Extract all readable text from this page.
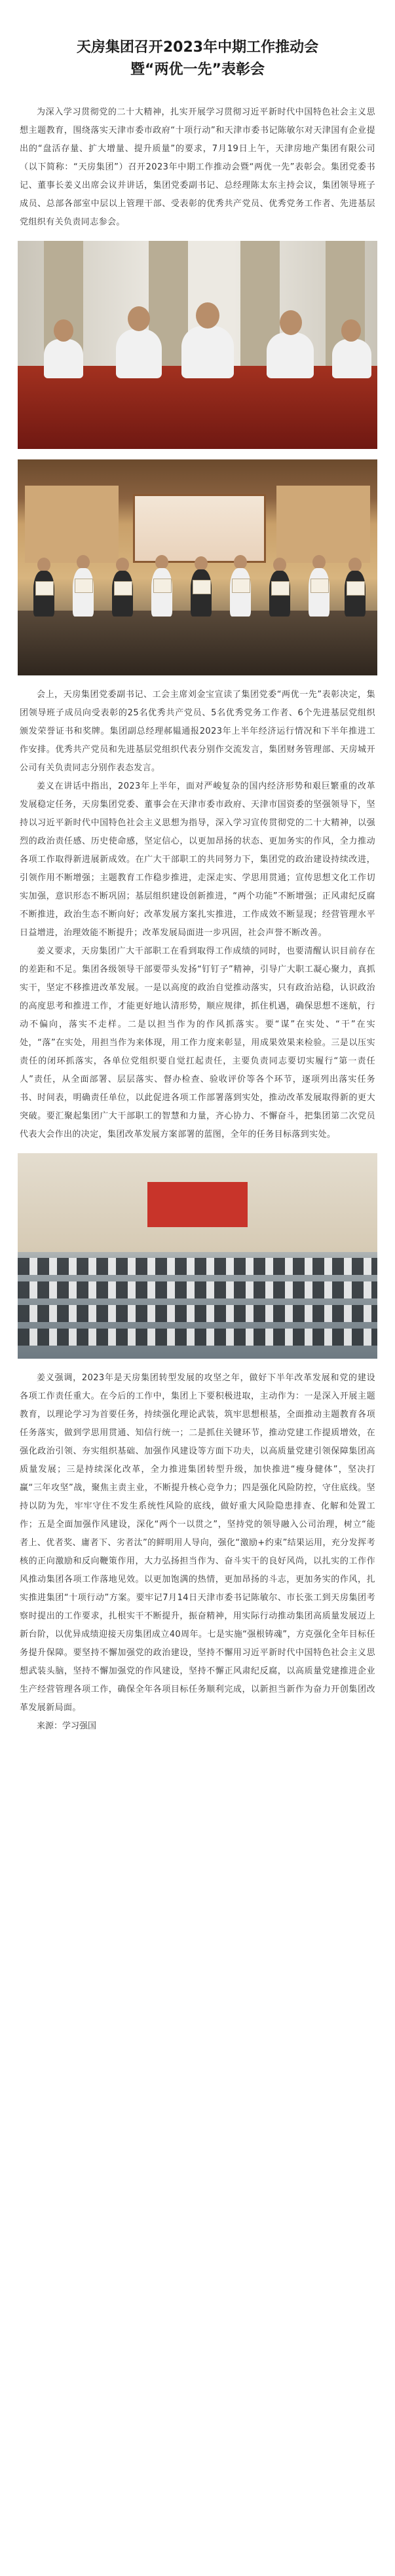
天房集团召开2023年中期工作推动会
暨“两优一先”表彰会

为深入学习贯彻党的二十大精神，扎实开展学习贯彻习近平新时代中国特色社会主义思想主题教育，围绕落实天津市委市政府“十项行动”和天津市委书记陈敏尔对天津国有企业提出的“盘活存量、扩大增量、提升质量”的要求，7月19日上午，天津房地产集团有限公司（以下简称：“天房集团”）召开2023年中期工作推动会暨“两优一先”表彰会。集团党委书记、董事长姜义出席会议并讲话，集团党委副书记、总经理陈太东主持会议，集团领导班子成员、总部各部室中层以上管理干部、受表彰的优秀共产党员、优秀党务工作者、先进基层党组织有关负责同志参会。

会上，天房集团党委副书记、工会主席刘金宝宣读了集团党委“两优一先”表彰决定，集团领导班子成员向受表彰的25名优秀共产党员、5名优秀党务工作者、6个先进基层党组织颁发荣誉证书和奖牌。集团副总经理郝韫通报2023年上半年经济运行情况和下半年推进工作安排。优秀共产党员和先进基层党组织代表分别作交流发言，集团财务管理部、天房城开公司有关负责同志分别作表态发言。

姜义在讲话中指出，2023年上半年，面对严峻复杂的国内经济形势和艰巨繁重的改革发展稳定任务，天房集团党委、董事会在天津市委市政府、天津市国资委的坚强领导下，坚持以习近平新时代中国特色社会主义思想为指导，深入学习宣传贯彻党的二十大精神，以强烈的政治责任感、历史使命感，坚定信心，以更加昂扬的状态、更加务实的作风，全力推动各项工作取得新进展新成效。在广大干部职工的共同努力下，集团党的政治建设持续改进，引领作用不断增强；主题教育工作稳步推进，走深走实、学思用贯通；宣传思想文化工作切实加强，意识形态不断巩固；基层组织建设创新推进，“两个功能”不断增强；正风肃纪反腐不断推进，政治生态不断向好；改革发展方案扎实推进，工作成效不断显现；经营管理水平日益增进，治理效能不断提升；改革发展局面进一步巩固，社会声誉不断改善。

姜义要求，天房集团广大干部职工在看到取得工作成绩的同时，也要清醒认识目前存在的差距和不足。集团各级领导干部要带头发扬“钉钉子”精神，引导广大职工凝心聚力，真抓实干，坚定不移推进改革发展。一是以高度的政治自觉推动落实，只有政治站稳，认识政治的高度思考和推进工作，才能更好地认清形势，顺应规律，抓住机遇，确保思想不迷航，行动不偏向，落实不走样。二是以担当作为的作风抓落实。要“谋”在实处、“干”在实处，“落”在实处，用担当作为来体现，用工作力度来彰显，用成果效果来检验。三是以压实责任的闭环抓落实，各单位党组织要自觉扛起责任，主要负责同志要切实履行“第一责任人”责任，从全面部署、层层落实、督办检查、验收评价等各个环节，逐项列出落实任务书、时间表，明确责任单位，以此促进各项工作部署落到实处，推动改革发展取得新的更大突破。要汇聚起集团广大干部职工的智慧和力量，齐心协力、不懈奋斗，把集团第二次党员代表大会作出的决定，集团改革发展方案部署的蓝图，全年的任务目标落到实处。

姜义强调，2023年是天房集团转型发展的攻坚之年，做好下半年改革发展和党的建设各项工作责任重大。在今后的工作中，集团上下要积极进取，主动作为：一是深入开展主题教育，以理论学习为首要任务，持续强化理论武装，筑牢思想根基，全面推动主题教育各项任务落实，做到学思用贯通、知信行统一；二是抓住关键环节，推动党建工作提质增效，在强化政治引领、夯实组织基础、加强作风建设等方面下功夫，以高质量党建引领保障集团高质量发展；三是持续深化改革，全力推进集团转型升级，加快推进“瘦身健体”，坚决打赢“三年攻坚”战，聚焦主责主业，不断提升核心竞争力；四是强化风险防控，守住底线。坚持以防为先，牢牢守住不发生系统性风险的底线，做好重大风险隐患排查、化解和处置工作；五是全面加强作风建设，深化“两个一以贯之”，坚持党的领导融入公司治理，树立“能者上、优者奖、庸者下、劣者汰”的鲜明用人导向，强化“激励+约束”结果运用，充分发挥考核的正向激励和反向鞭策作用，大力弘扬担当作为、奋斗实干的良好风尚，以扎实的工作作风推动集团各项工作落地见效。以更加饱满的热情，更加昂扬的斗志，更加务实的作风，扎实推进集团“十项行动”方案。要牢记7月14日天津市委书记陈敏尔、市长张工到天房集团考察时提出的工作要求，扎根实干不断提升，振奋精神，用实际行动推动集团高质量发展迈上新台阶，以优异成绩迎接天房集团成立40周年。七是实施“强根铸魂”，方克强化全年目标任务提升保障。要坚持不懈加强党的政治建设，坚持不懈用习近平新时代中国特色社会主义思想武装头脑，坚持不懈加强党的作风建设，坚持不懈正风肃纪反腐，以高质量党建推进企业生产经营管理各项工作，确保全年各项目标任务顺利完成，以新担当新作为奋力开创集团改革发展新局面。

来源：学习强国
